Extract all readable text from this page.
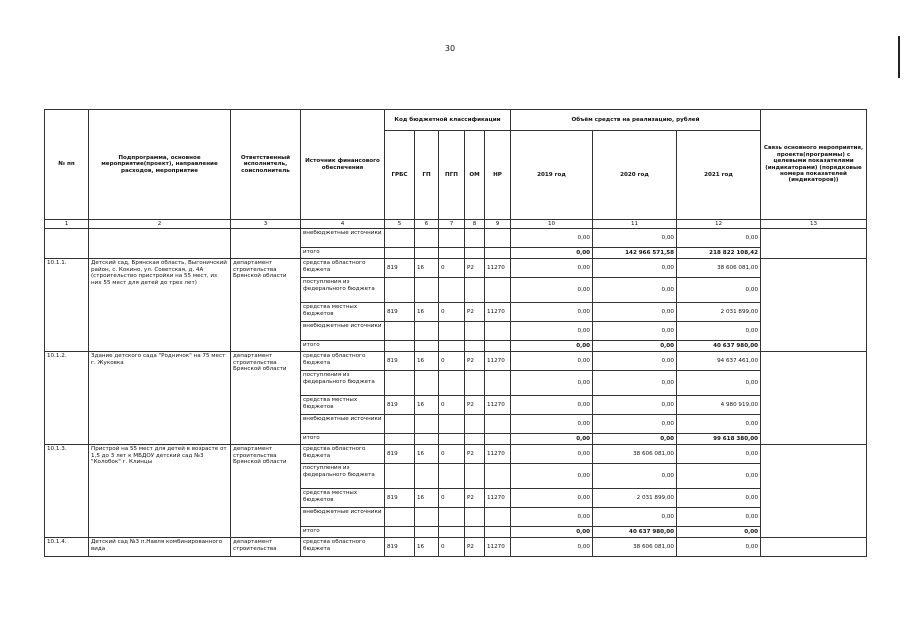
30
№ пп	Подпрограмма, основное мероприятие(проект), направление расходов, мероприятие	Ответственный исполнитель, соисполнитель	Источник финансового обеспечения	Код бюджетной классификации					Объём средств на реализацию, рублей			Связь основного мероприятия, проекта(программы) с целевыми показателями (индикаторами) (порядковые номера показателей (индикаторов))
				ГРБС	ГП	ПГП	ОМ	НР	2019 год	2020 год	2021 год	
1	2	3	4	5	6	7	8	9	10	11	12	13
			внебюджетные источники						0,00	0,00	0,00	
			итого						0,00	142 966 571,58	218 822 108,42	
10.1.1.	Детский сад, Брянская область, Выгоничский район, с. Кокино, ул. Советская, д. 4А (строительство пристройки на 55 мест, из них 55 мест для детей до трех лет)	департамент строительства Брянской области	средства областного бюджета	819	16	0	P2	11270	0,00	0,00	38 606 081,00	
			поступления из федерального бюджета						0,00	0,00	0,00	
			средства местных бюджетов	819	16	0	P2	11270	0,00	0,00	2 031 899,00	
			внебюджетные источники						0,00	0,00	0,00	
			итого						0,00	0,00	40 637 980,00	
10.1.2.	Здание детского сада "Родничок" на 75 мест г. Жуковка	департамент строительства Брянской области	средства областного бюджета	819	16	0	P2	11270	0,00	0,00	94 637 461,00	
			поступления из федерального бюджета						0,00	0,00	0,00	
			средства местных бюджетов	819	16	0	P2	11270	0,00	0,00	4 980 919,00	
			внебюджетные источники						0,00	0,00	0,00	
			итого						0,00	0,00	99 618 380,00	
10.1.3.	Пристрой на 55 мест для детей в возрасте от 1,5 до 3 лет к МБДОУ детский сад №3 "Колобок" г. Клинцы	департамент строительства Брянской области	средства областного бюджета	819	16	0	P2	11270	0,00	38 606 081,00	0,00	
			поступления из федерального бюджета						0,00	0,00	0,00	
			средства местных бюджетов	819	16	0	P2	11270	0,00	2 031 899,00	0,00	
			внебюджетные источники						0,00	0,00	0,00	
			итого						0,00	40 637 980,00	0,00	
10.1.4.	Детский сад №3 п.Навля комбинированного вида	департамент строительства	средства областного бюджета	819	16	0	P2	11270	0,00	38 606 081,00	0,00	
